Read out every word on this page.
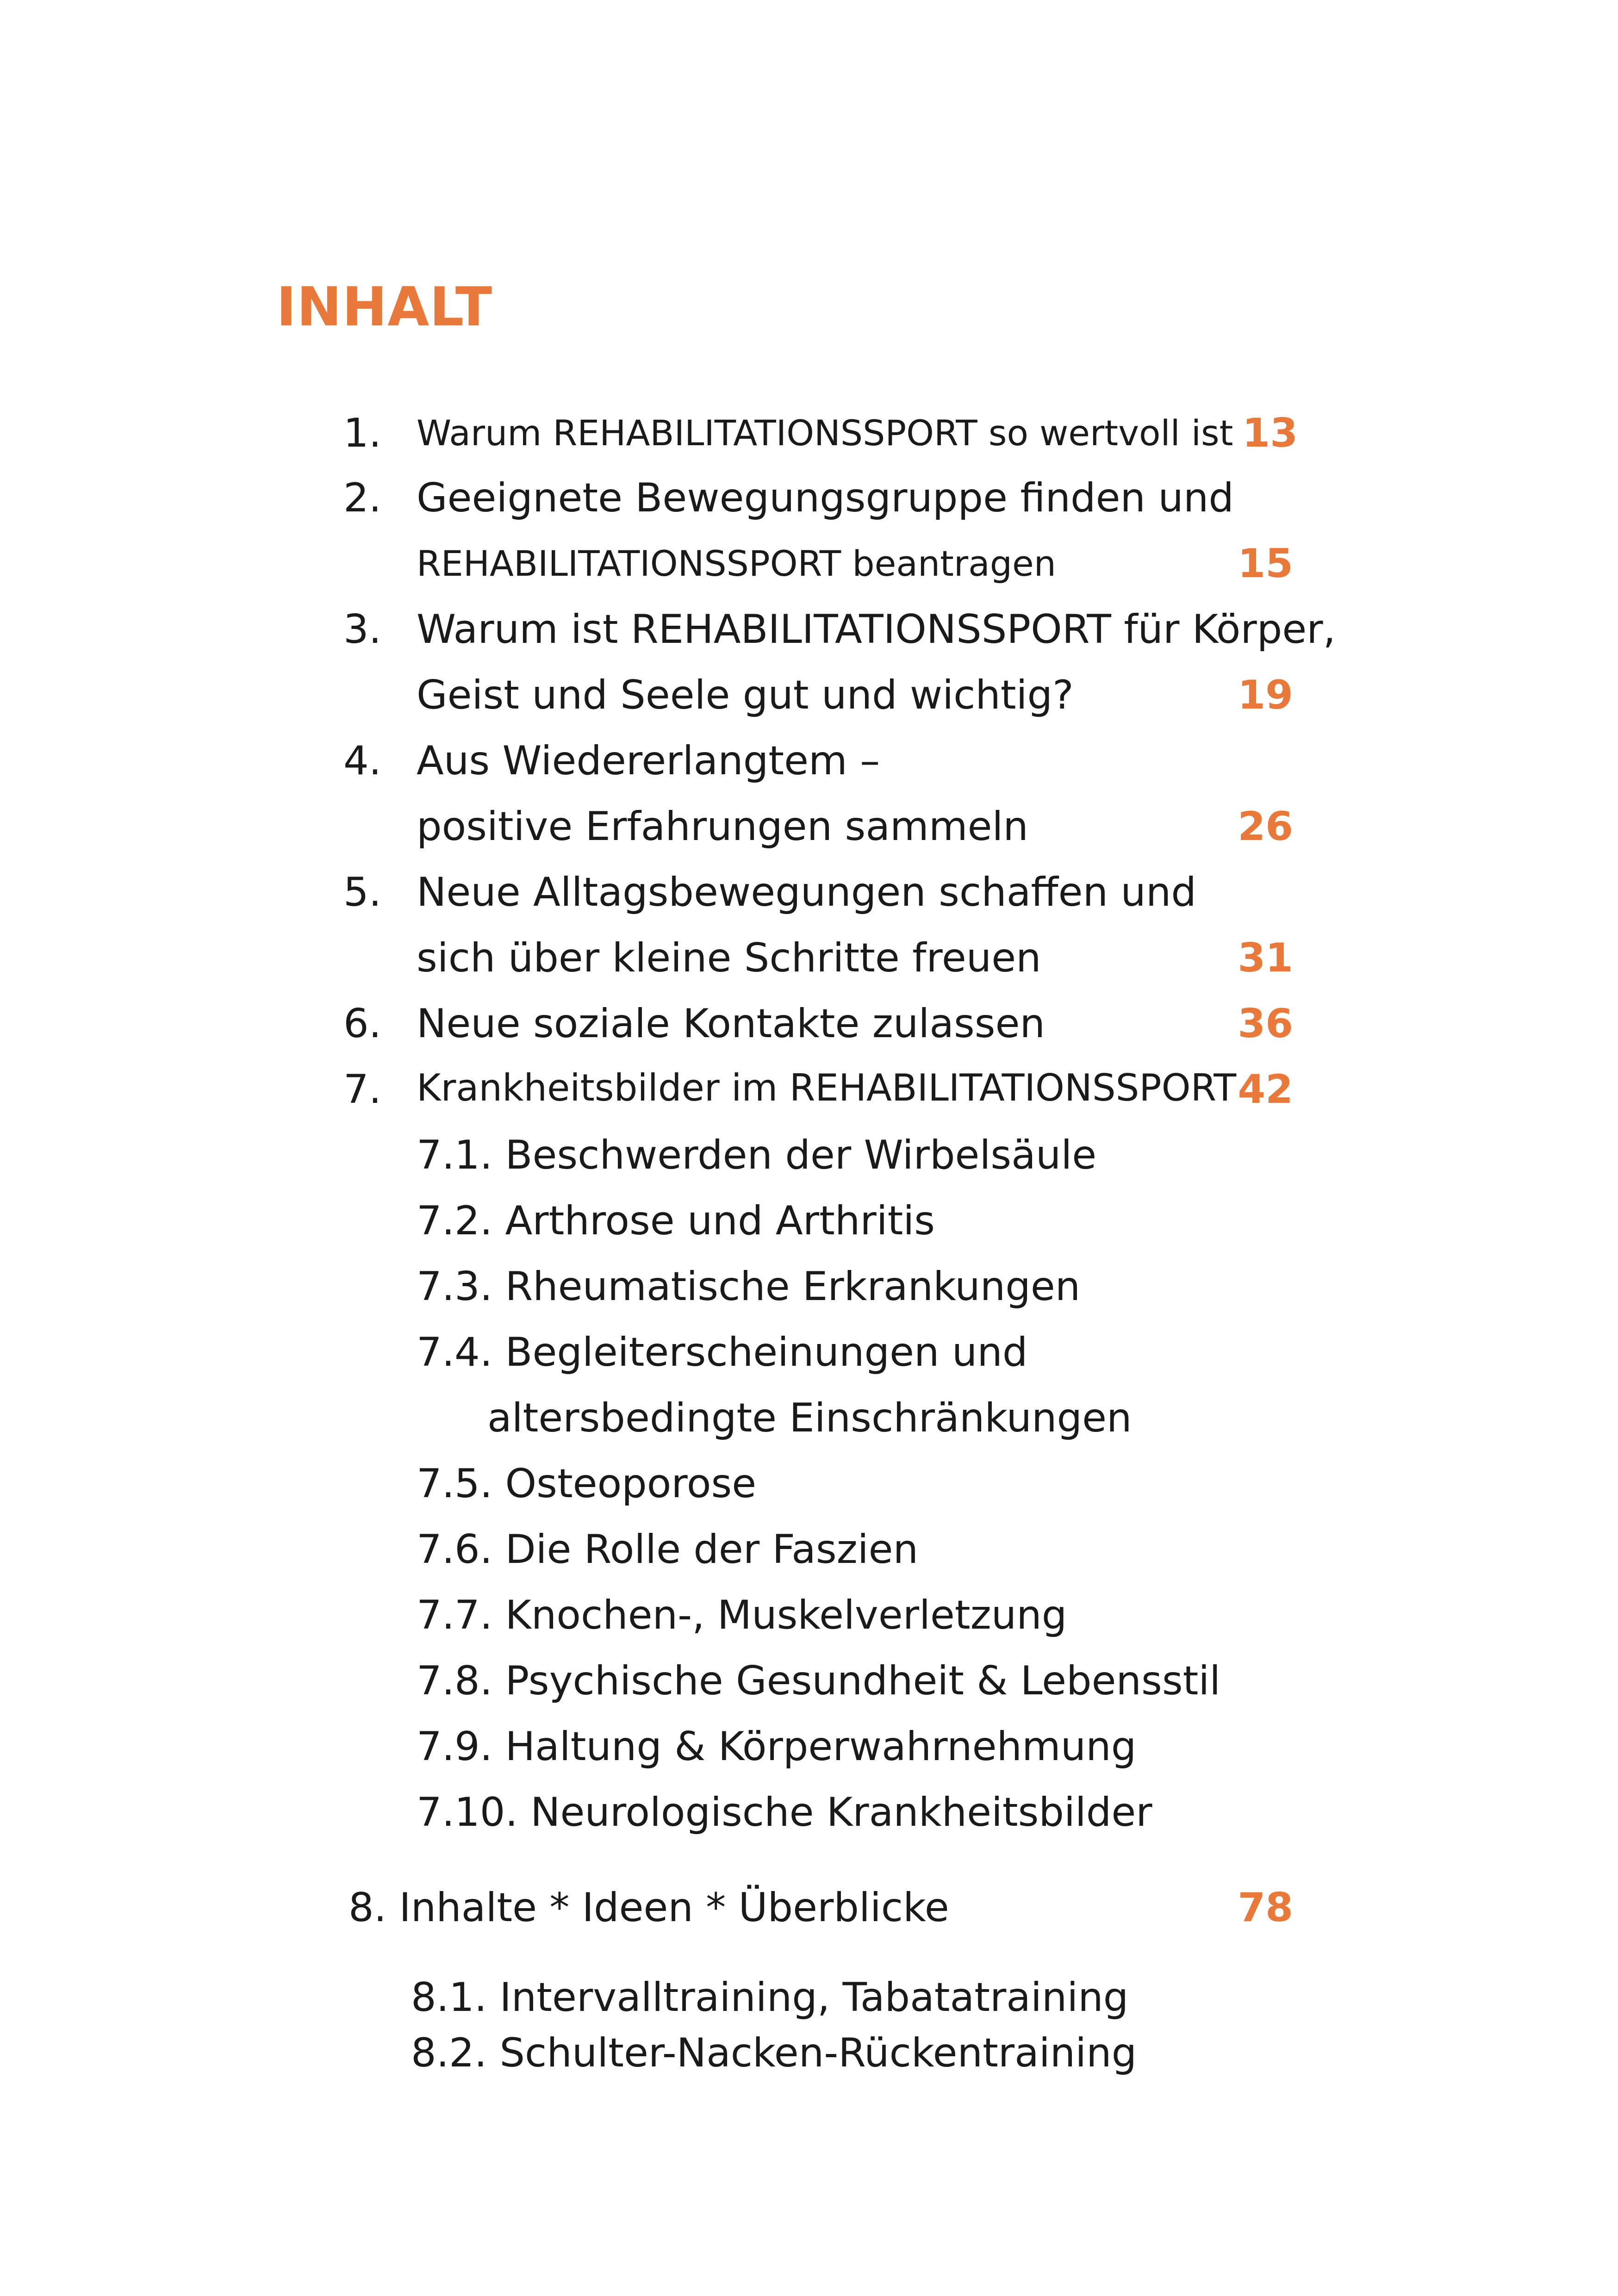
INHALT
1. Warum REHABILITATIONSSPORT so wertvoll ist 13
2. Geeignete Bewegungsgruppe finden und
REHABILITATIONSSPORT beantragen	15
3. Warum ist REHABILITATIONSSPORT für Körper,
Geist und Seele gut und wichtig?	19
4. Aus Wiedererlangtem –
positive Erfahrungen sammeln	26
5. Neue Alltagsbewegungen schaffen und
sich über kleine Schritte freuen	31
6. Neue soziale Kontakte zulassen	36
7. Krankheitsbilder im REHABILITATIONSSPORT 42
7.1. Beschwerden der Wirbelsäule
7.2. Arthrose und Arthritis
7.3. Rheumatische Erkrankungen
7.4. Begleiterscheinungen und
altersbedingte Einschränkungen
7.5. Osteoporose
7.6. Die Rolle der Faszien
7.7. Knochen-, Muskelverletzung
7.8. Psychische Gesundheit & Lebensstil
7.9. Haltung & Körperwahrnehmung
7.10. Neurologische Krankheitsbilder
8. Inhalte * Ideen * Überblicke	78
8.1. Intervalltraining, Tabatatraining
8.2. Schulter-Nacken-Rückentraining
